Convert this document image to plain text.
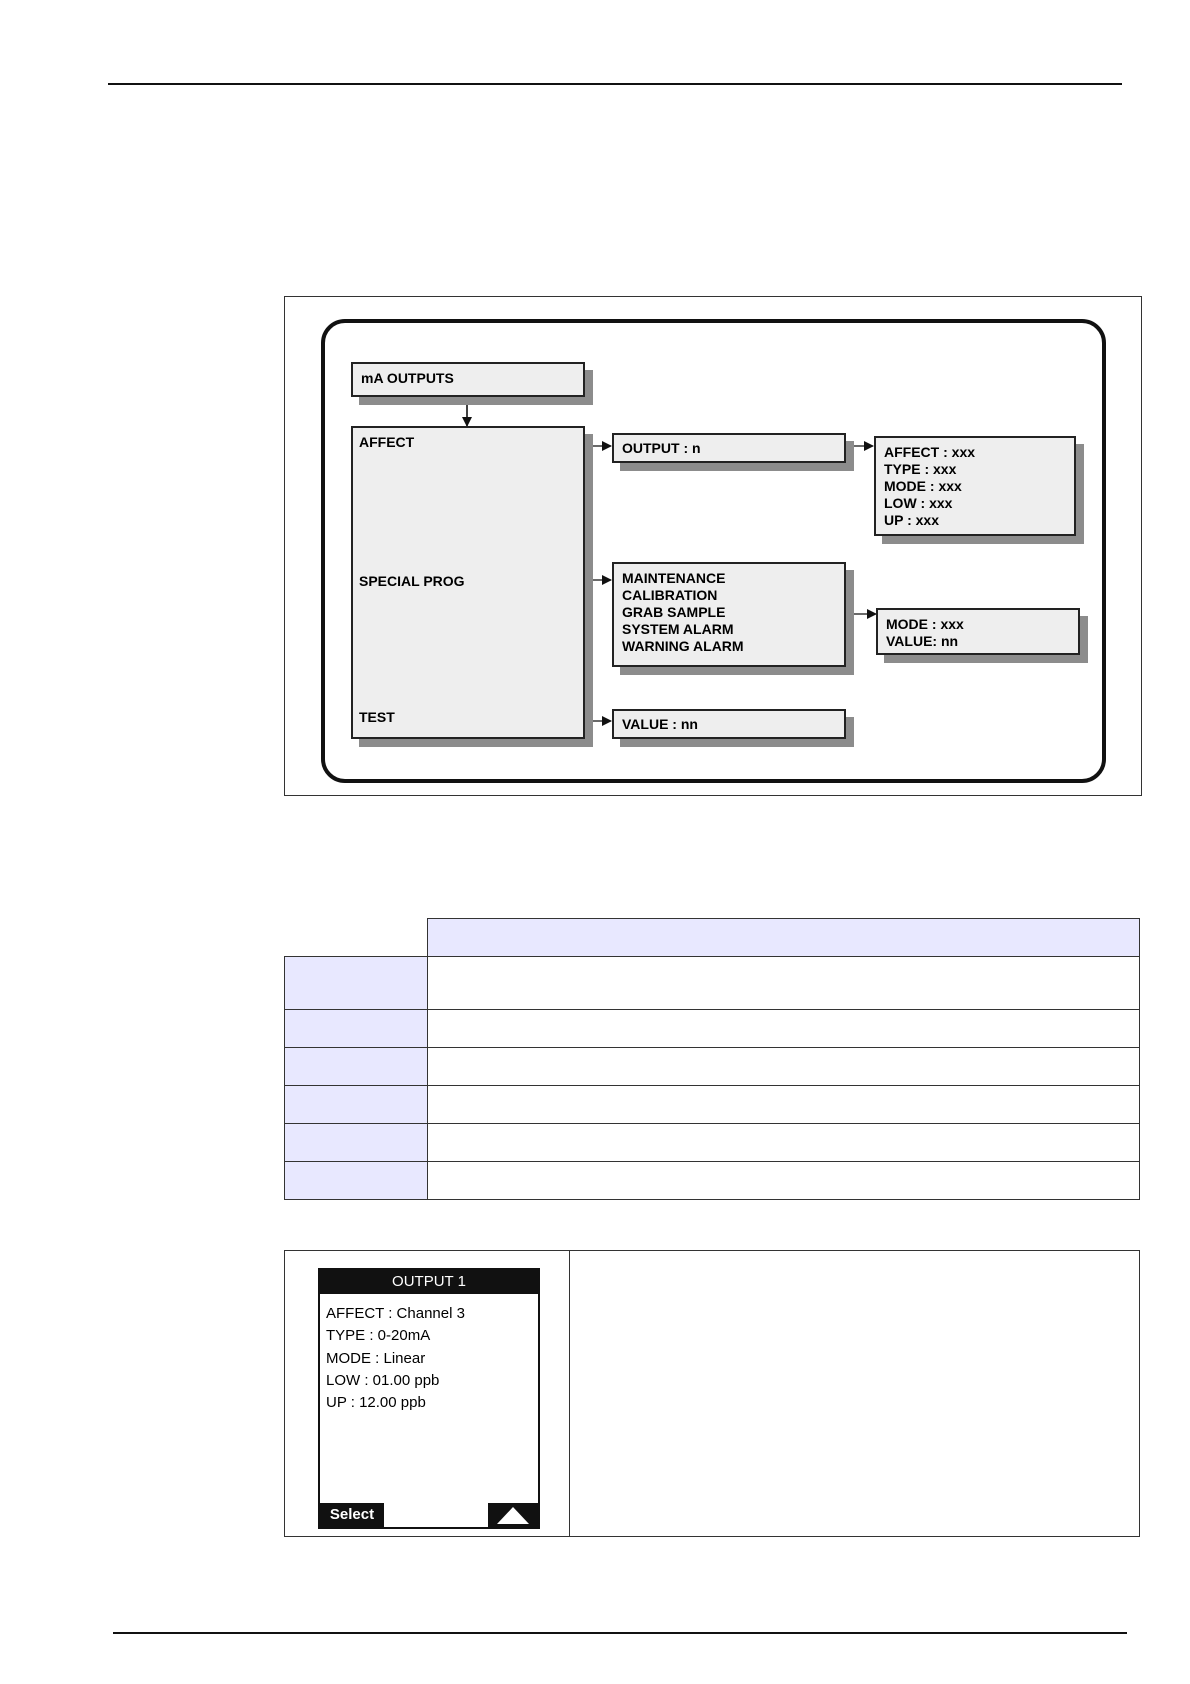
mA OUTPUTS
AFFECT
SPECIAL PROG
TEST
OUTPUT : n	AFFECT : xxx
TYPE : xxx
MODE : xxx
LOW : xxx
UP : xxx
MAINTENANCE
CALIBRATION
GRAB SAMPLE
SYSTEM ALARM
WARNING ALARM
MODE : xxx
VALUE: nn
VALUE : nn

OUTPUT 1
AFFECT : Channel 3
TYPE : 0-20mA
MODE : Linear
LOW : 01.00 ppb
UP : 12.00 ppb
Select
